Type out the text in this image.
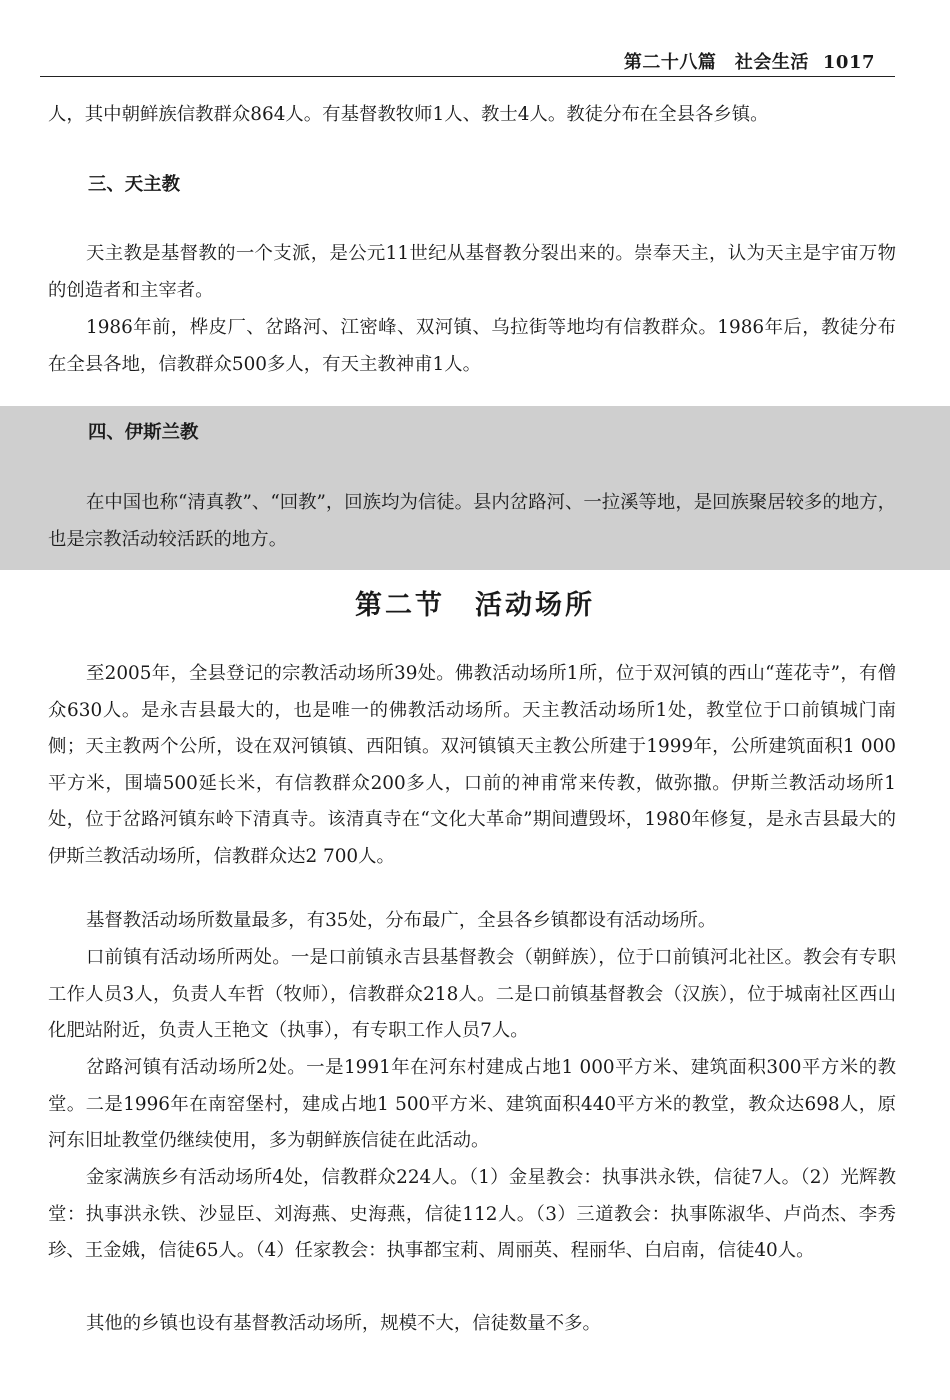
第二十八篇　社会生活 1017

人，其中朝鲜族信教群众864人。有基督教牧师1人、教士4人。教徒分布在全县各乡镇。

三、天主教

天主教是基督教的一个支派，是公元11世纪从基督教分裂出来的。崇奉天主，认为天主是宇宙万物的创造者和主宰者。

1986年前，桦皮厂、岔路河、江密峰、双河镇、乌拉街等地均有信教群众。1986年后，教徒分布在全县各地，信教群众500多人，有天主教神甫1人。

四、伊斯兰教

在中国也称“清真教”、“回教”，回族均为信徒。县内岔路河、一拉溪等地，是回族聚居较多的地方，也是宗教活动较活跃的地方。

第二节　活动场所

至2005年，全县登记的宗教活动场所39处。佛教活动场所1所，位于双河镇的西山“莲花寺”，有僧众630人。是永吉县最大的，也是唯一的佛教活动场所。天主教活动场所1处，教堂位于口前镇城门南侧；天主教两个公所，设在双河镇镇、西阳镇。双河镇镇天主教公所建于1999年，公所建筑面积1 000平方米，围墙500延长米，有信教群众200多人，口前的神甫常来传教，做弥撒。伊斯兰教活动场所1处，位于岔路河镇东岭下清真寺。该清真寺在“文化大革命”期间遭毁坏，1980年修复，是永吉县最大的伊斯兰教活动场所，信教群众达2 700人。

基督教活动场所数量最多，有35处，分布最广，全县各乡镇都设有活动场所。

口前镇有活动场所两处。一是口前镇永吉县基督教会（朝鲜族），位于口前镇河北社区。教会有专职工作人员3人，负责人车哲（牧师），信教群众218人。二是口前镇基督教会（汉族），位于城南社区西山化肥站附近，负责人王艳文（执事），有专职工作人员7人。

岔路河镇有活动场所2处。一是1991年在河东村建成占地1 000平方米、建筑面积300平方米的教堂。二是1996年在南窑堡村，建成占地1 500平方米、建筑面积440平方米的教堂，教众达698人，原河东旧址教堂仍继续使用，多为朝鲜族信徒在此活动。

金家满族乡有活动场所4处，信教群众224人。（1）金星教会：执事洪永铁，信徒7人。（2）光辉教堂：执事洪永铁、沙显臣、刘海燕、史海燕，信徒112人。（3）三道教会：执事陈淑华、卢尚杰、李秀珍、王金娥，信徒65人。（4）任家教会：执事都宝莉、周丽英、程丽华、白启南，信徒40人。

其他的乡镇也设有基督教活动场所，规模不大，信徒数量不多。
